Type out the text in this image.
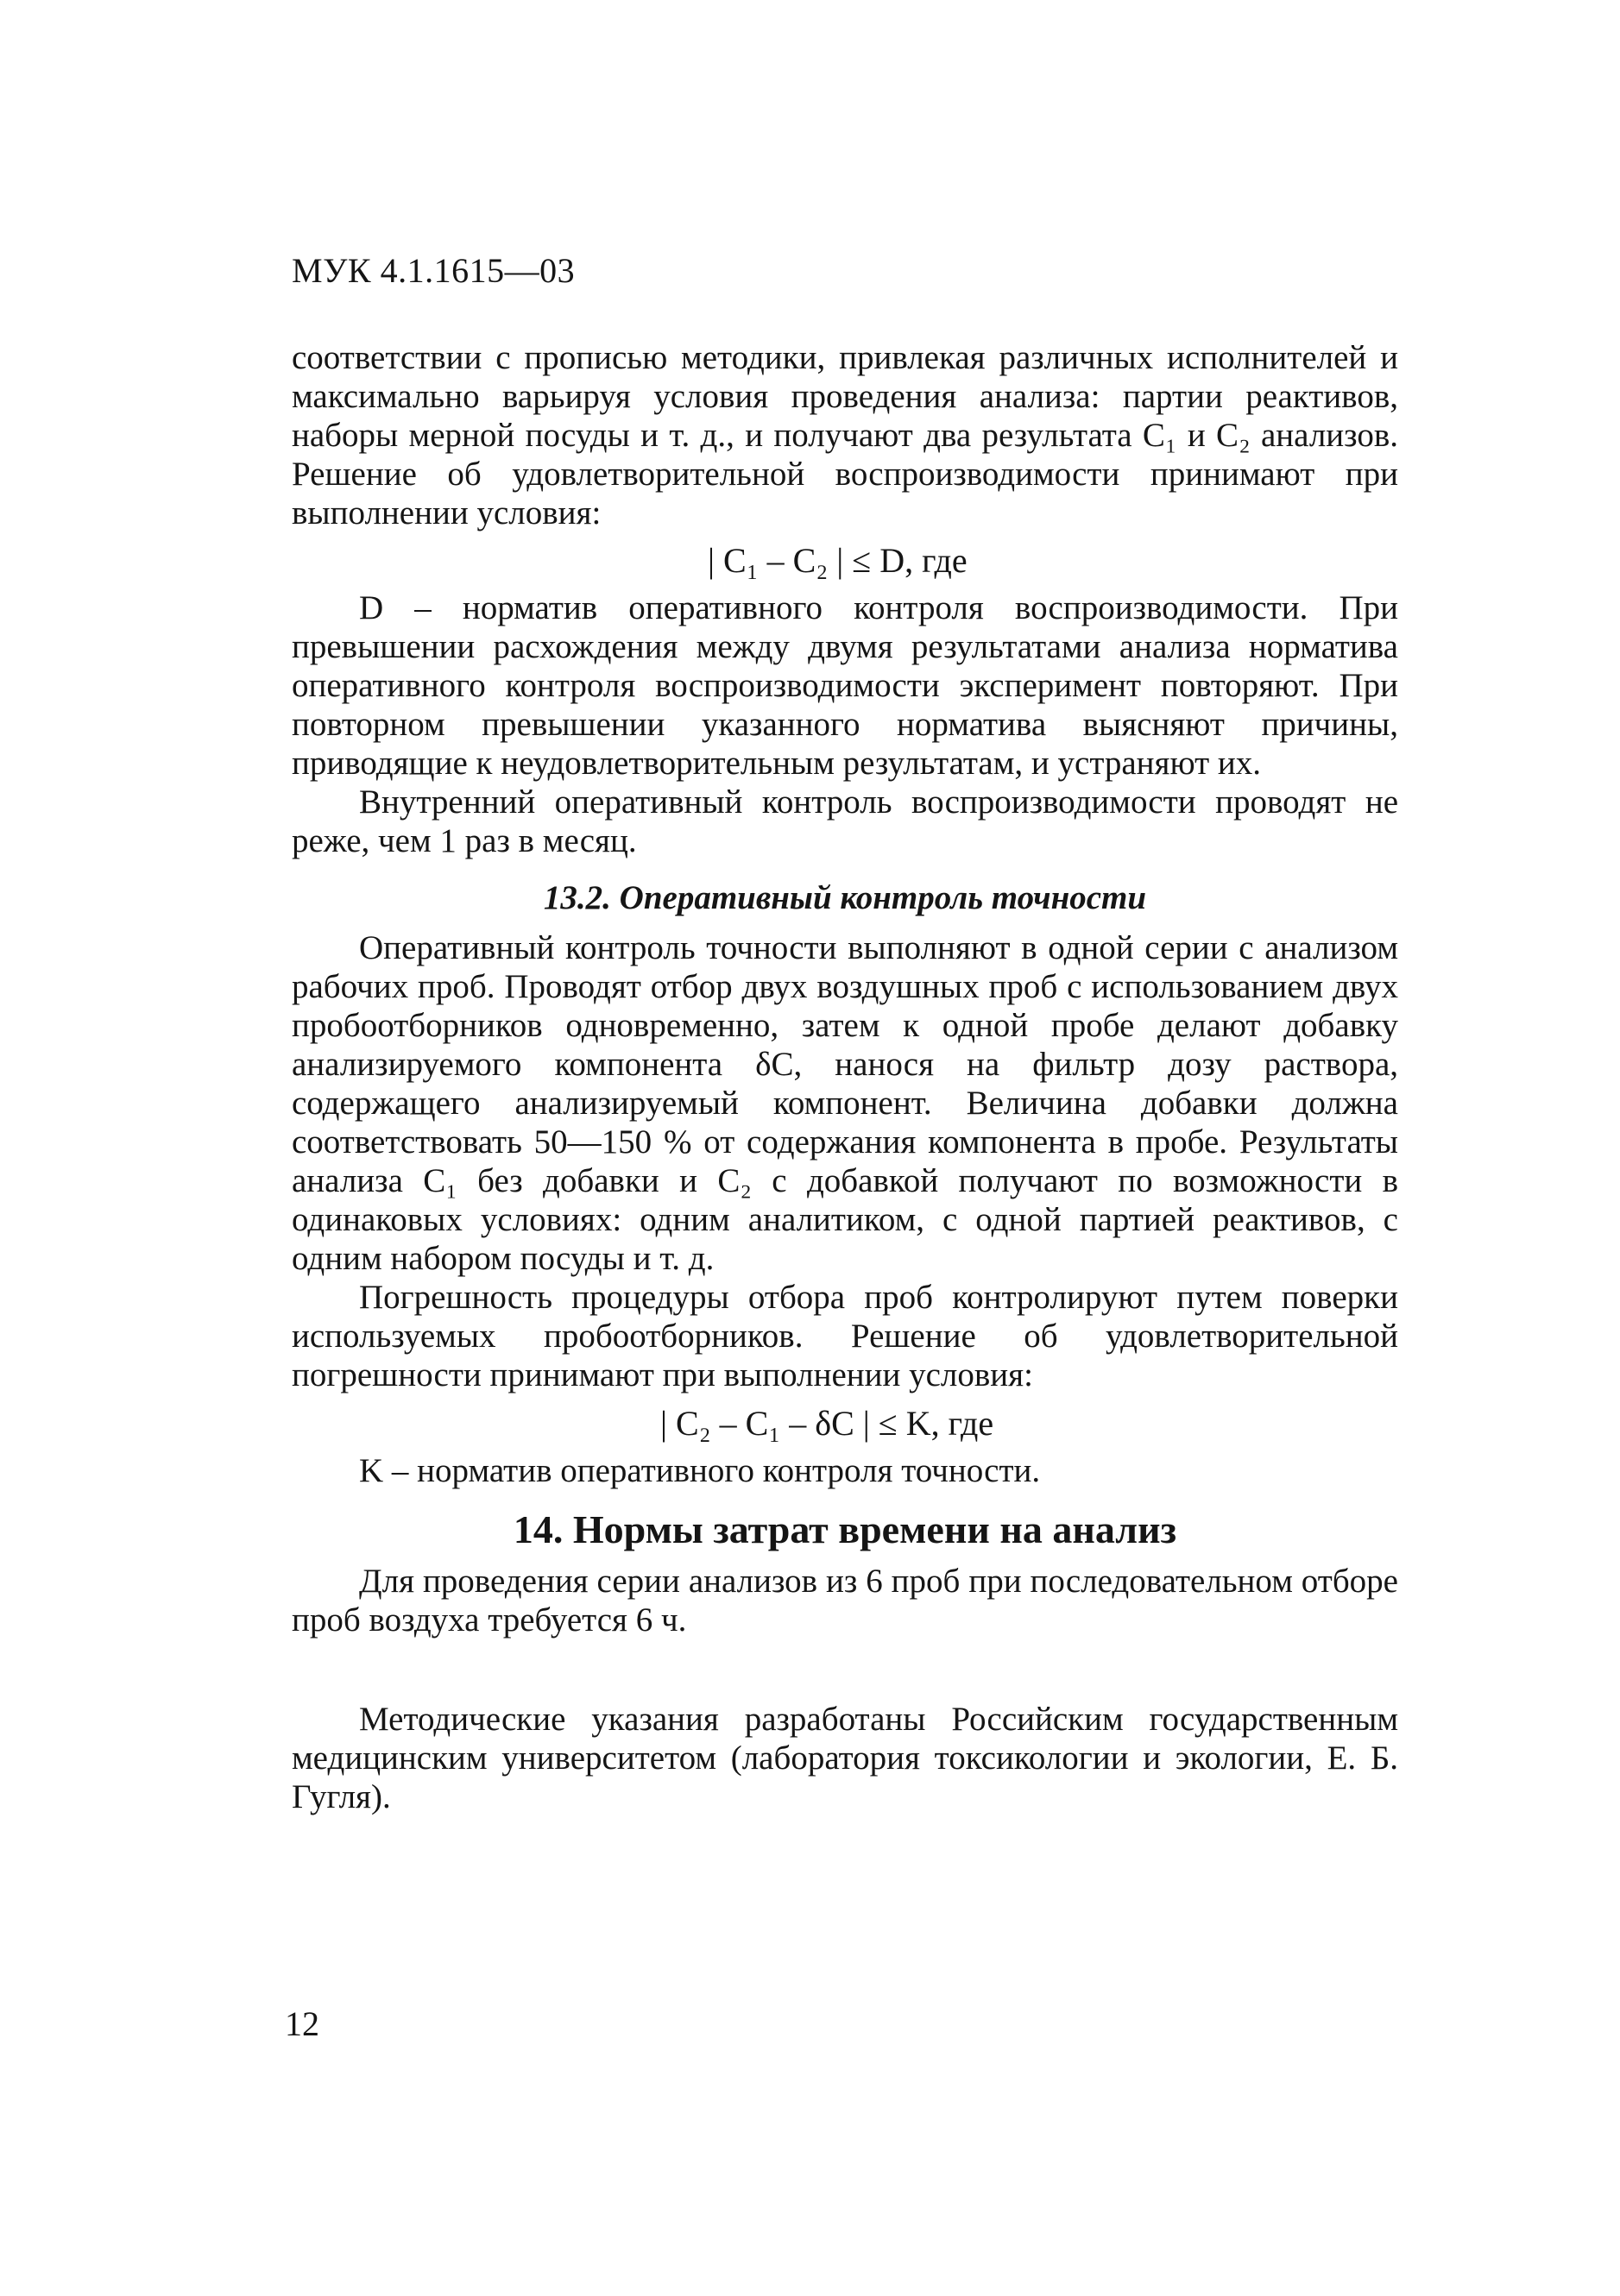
МУК 4.1.1615—03

соответствии с прописью методики, привлекая различных исполнителей и максимально варьируя условия проведения анализа: партии реактивов, наборы мерной посуды и т. д., и получают два результата C₁ и C₂ анализов. Решение об удовлетворительной воспроизводимости принимают при выполнении условия:

| C₁ – C₂ | ≤ D, где

D – норматив оперативного контроля воспроизводимости. При превышении расхождения между двумя результатами анализа норматива оперативного контроля воспроизводимости эксперимент повторяют. При повторном превышении указанного норматива выясняют причины, приводящие к неудовлетворительным результатам, и устраняют их.

Внутренний оперативный контроль воспроизводимости проводят не реже, чем 1 раз в месяц.

13.2. Оперативный контроль точности

Оперативный контроль точности выполняют в одной серии с анализом рабочих проб. Проводят отбор двух воздушных проб с использованием двух пробоотборников одновременно, затем к одной пробе делают добавку анализируемого компонента δC, нанося на фильтр дозу раствора, содержащего анализируемый компонент. Величина добавки должна соответствовать 50—150 % от содержания компонента в пробе. Результаты анализа C₁ без добавки и C₂ с добавкой получают по возможности в одинаковых условиях: одним аналитиком, с одной партией реактивов, с одним набором посуды и т. д.

Погрешность процедуры отбора проб контролируют путем поверки используемых пробоотборников. Решение об удовлетворительной погрешности принимают при выполнении условия:

| C₂ – C₁ – δC | ≤ K, где

K – норматив оперативного контроля точности.

14. Нормы затрат времени на анализ

Для проведения серии анализов из 6 проб при последовательном отборе проб воздуха требуется 6 ч.

Методические указания разработаны Российским государственным медицинским университетом (лаборатория токсикологии и экологии, Е. Б. Гугля).

12
